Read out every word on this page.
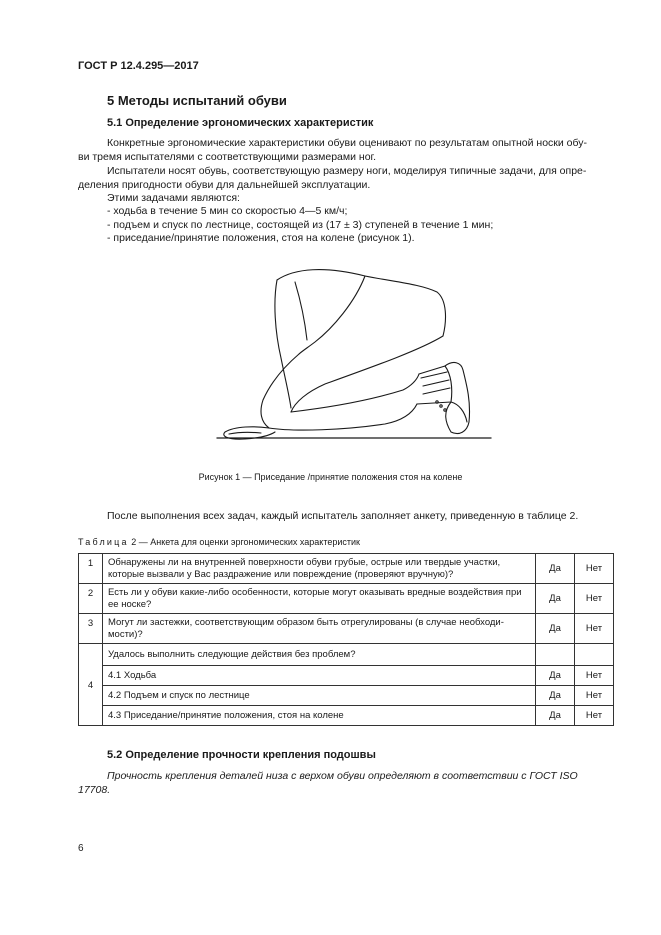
ГОСТ Р 12.4.295—2017
5 Методы испытаний обуви
5.1 Определение эргономических характеристик

Конкретные эргономические характеристики обуви оценивают по результатам опытной носки обу-
ви тремя испытателями с соответствующими размерами ног.

Испытатели носят обувь, соответствующую размеру ноги, моделируя типичные задачи, для опре-
деления пригодности обуви для дальнейшей эксплуатации.

Этими задачами являются:

- ходьба в течение 5 мин со скоростью 4—5 км/ч;
- подъем и спуск по лестнице, состоящей из (17 ± 3) ступеней в течение 1 мин;
- приседание/принятие положения, стоя на колене (рисунок 1).
Рисунок 1 — Приседание /принятие положения стоя на колене

После выполнения всех задач, каждый испытатель заполняет анкету, приведенную в таблице 2.

Таблица 2 — Анкета для оценки эргономических характеристик
1	Обнаружены ли на внутренней поверхности обуви грубые, острые или твердые участки, которые вызвали у Вас раздражение или повреждение (проверяют вручную)?	Да	Нет
2	Есть ли у обуви какие-либо особенности, которые могут оказывать вредные воздействия при ее носке?	Да	Нет
3	Могут ли застежки, соответствующим образом быть отрегулированы (в случае необходи-мости)?	Да	Нет
4	Удалось выполнить следующие действия без проблем?		
	4.1 Ходьба	Да	Нет
	4.2 Подъем и спуск по лестнице	Да	Нет
	4.3 Приседание/принятие положения, стоя на колене	Да	Нет
5.2 Определение прочности крепления подошвы

Прочность крепления деталей низа с верхом обуви определяют в соответствии с ГОСТ ISO
17708.

6
